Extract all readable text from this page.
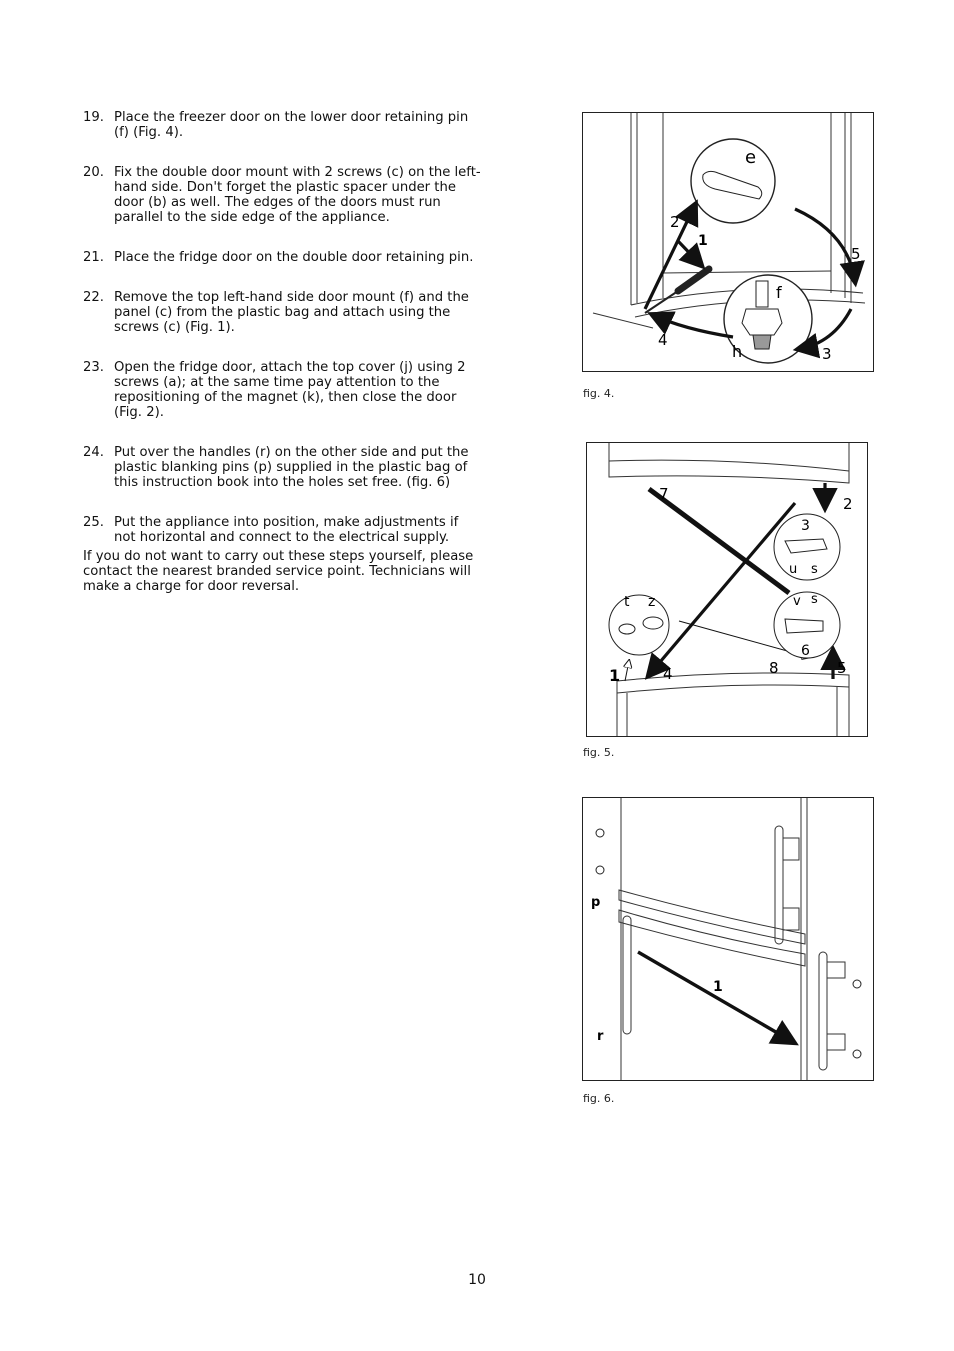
19. Place the freezer door on the lower door retaining pin (f) (Fig. 4).
20. Fix the double door mount with 2 screws (c) on the left-hand side. Don't forget the plastic spacer under the door (b) as well. The edges of the doors must run parallel to the side edge of the appliance.
21. Place the fridge door on the double door retaining pin.
22. Remove the top left-hand side door mount (f) and the panel (c) from the plastic bag and attach using the screws (c) (Fig. 1).
23. Open the fridge door, attach the top cover (j) using 2 screws (a); at the same time pay attention to the repositioning of the magnet (k), then close the door (Fig. 2).
24. Put over the handles (r) on the other side and put the plastic blanking pins (p) supplied in the plastic bag of this instruction book into the holes set free. (fig. 6)
25. Put the appliance into position, make adjustments if not horizontal and connect to the electrical supply.
If you do not want to carry out these steps yourself, please contact the nearest branded service point. Technicians will make a charge for door reversal.
e
f
h
1
2
3
4
5
fig. 4.
2
3
7
1	4	5
6
8
t z
u s
v s
fig. 5.
p
r
1
fig. 6.
10
